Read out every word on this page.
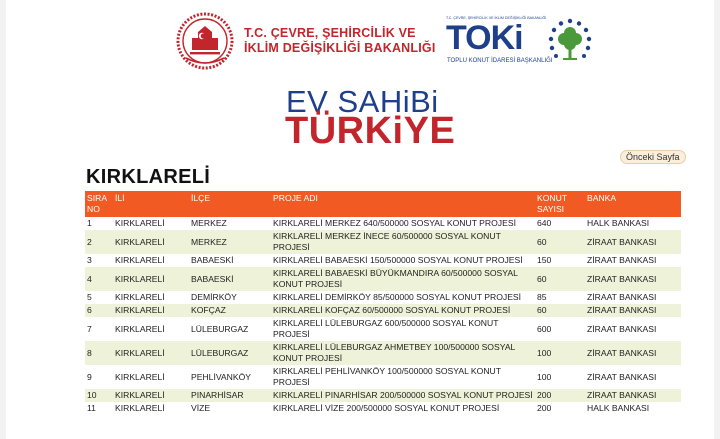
T.C. ÇEVRE, ŞEHİRCİLİK VE
İKLİM DEĞİŞİKLİĞİ BAKANLIĞI
T.C. ÇEVRE, ŞEHİRCİLİK VE İKLİM DEĞİŞİKLİĞİ BAKANLIĞI
TOKi
TOPLU KONUT İDARESİ BAŞKANLIĞI
EV SAHiBi
TÜRKiYE
Önceki Sayfa
KIRKLARELİ
SIRA NO	İLİ	İLÇE	PROJE ADI	KONUT SAYISI	BANKA
1	KIRKLARELİ	MERKEZ	KIRKLARELİ MERKEZ 640/500000 SOSYAL KONUT PROJESİ	640	HALK BANKASI
2	KIRKLARELİ	MERKEZ	KIRKLARELİ MERKEZ İNECE 60/500000 SOSYAL KONUT PROJESİ	60	ZİRAAT BANKASI
3	KIRKLARELİ	BABAESKİ	KIRKLARELİ BABAESKİ 150/500000 SOSYAL KONUT PROJESİ	150	ZİRAAT BANKASI
4	KIRKLARELİ	BABAESKİ	KIRKLARELİ BABAESKİ BÜYÜKMANDIRA 60/500000 SOSYAL KONUT PROJESİ	60	ZİRAAT BANKASI
5	KIRKLARELİ	DEMİRKÖY	KIRKLARELİ DEMİRKÖY 85/500000 SOSYAL KONUT PROJESİ	85	ZİRAAT BANKASI
6	KIRKLARELİ	KOFÇAZ	KIRKLARELİ KOFÇAZ 60/500000 SOSYAL KONUT PROJESİ	60	ZİRAAT BANKASI
7	KIRKLARELİ	LÜLEBURGAZ	KIRKLARELİ LÜLEBURGAZ 600/500000 SOSYAL KONUT PROJESİ	600	ZİRAAT BANKASI
8	KIRKLARELİ	LÜLEBURGAZ	KIRKLARELİ LÜLEBURGAZ AHMETBEY 100/500000 SOSYAL KONUT PROJESİ	100	ZİRAAT BANKASI
9	KIRKLARELİ	PEHLİVANKÖY	KIRKLARELİ PEHLİVANKÖY 100/500000 SOSYAL KONUT PROJESİ	100	ZİRAAT BANKASI
10	KIRKLARELİ	PINARHİSAR	KIRKLARELİ PINARHİSAR 200/500000 SOSYAL KONUT PROJESİ	200	ZİRAAT BANKASI
11	KIRKLARELİ	VİZE	KIRKLARELİ VİZE 200/500000 SOSYAL KONUT PROJESİ	200	HALK BANKASI
